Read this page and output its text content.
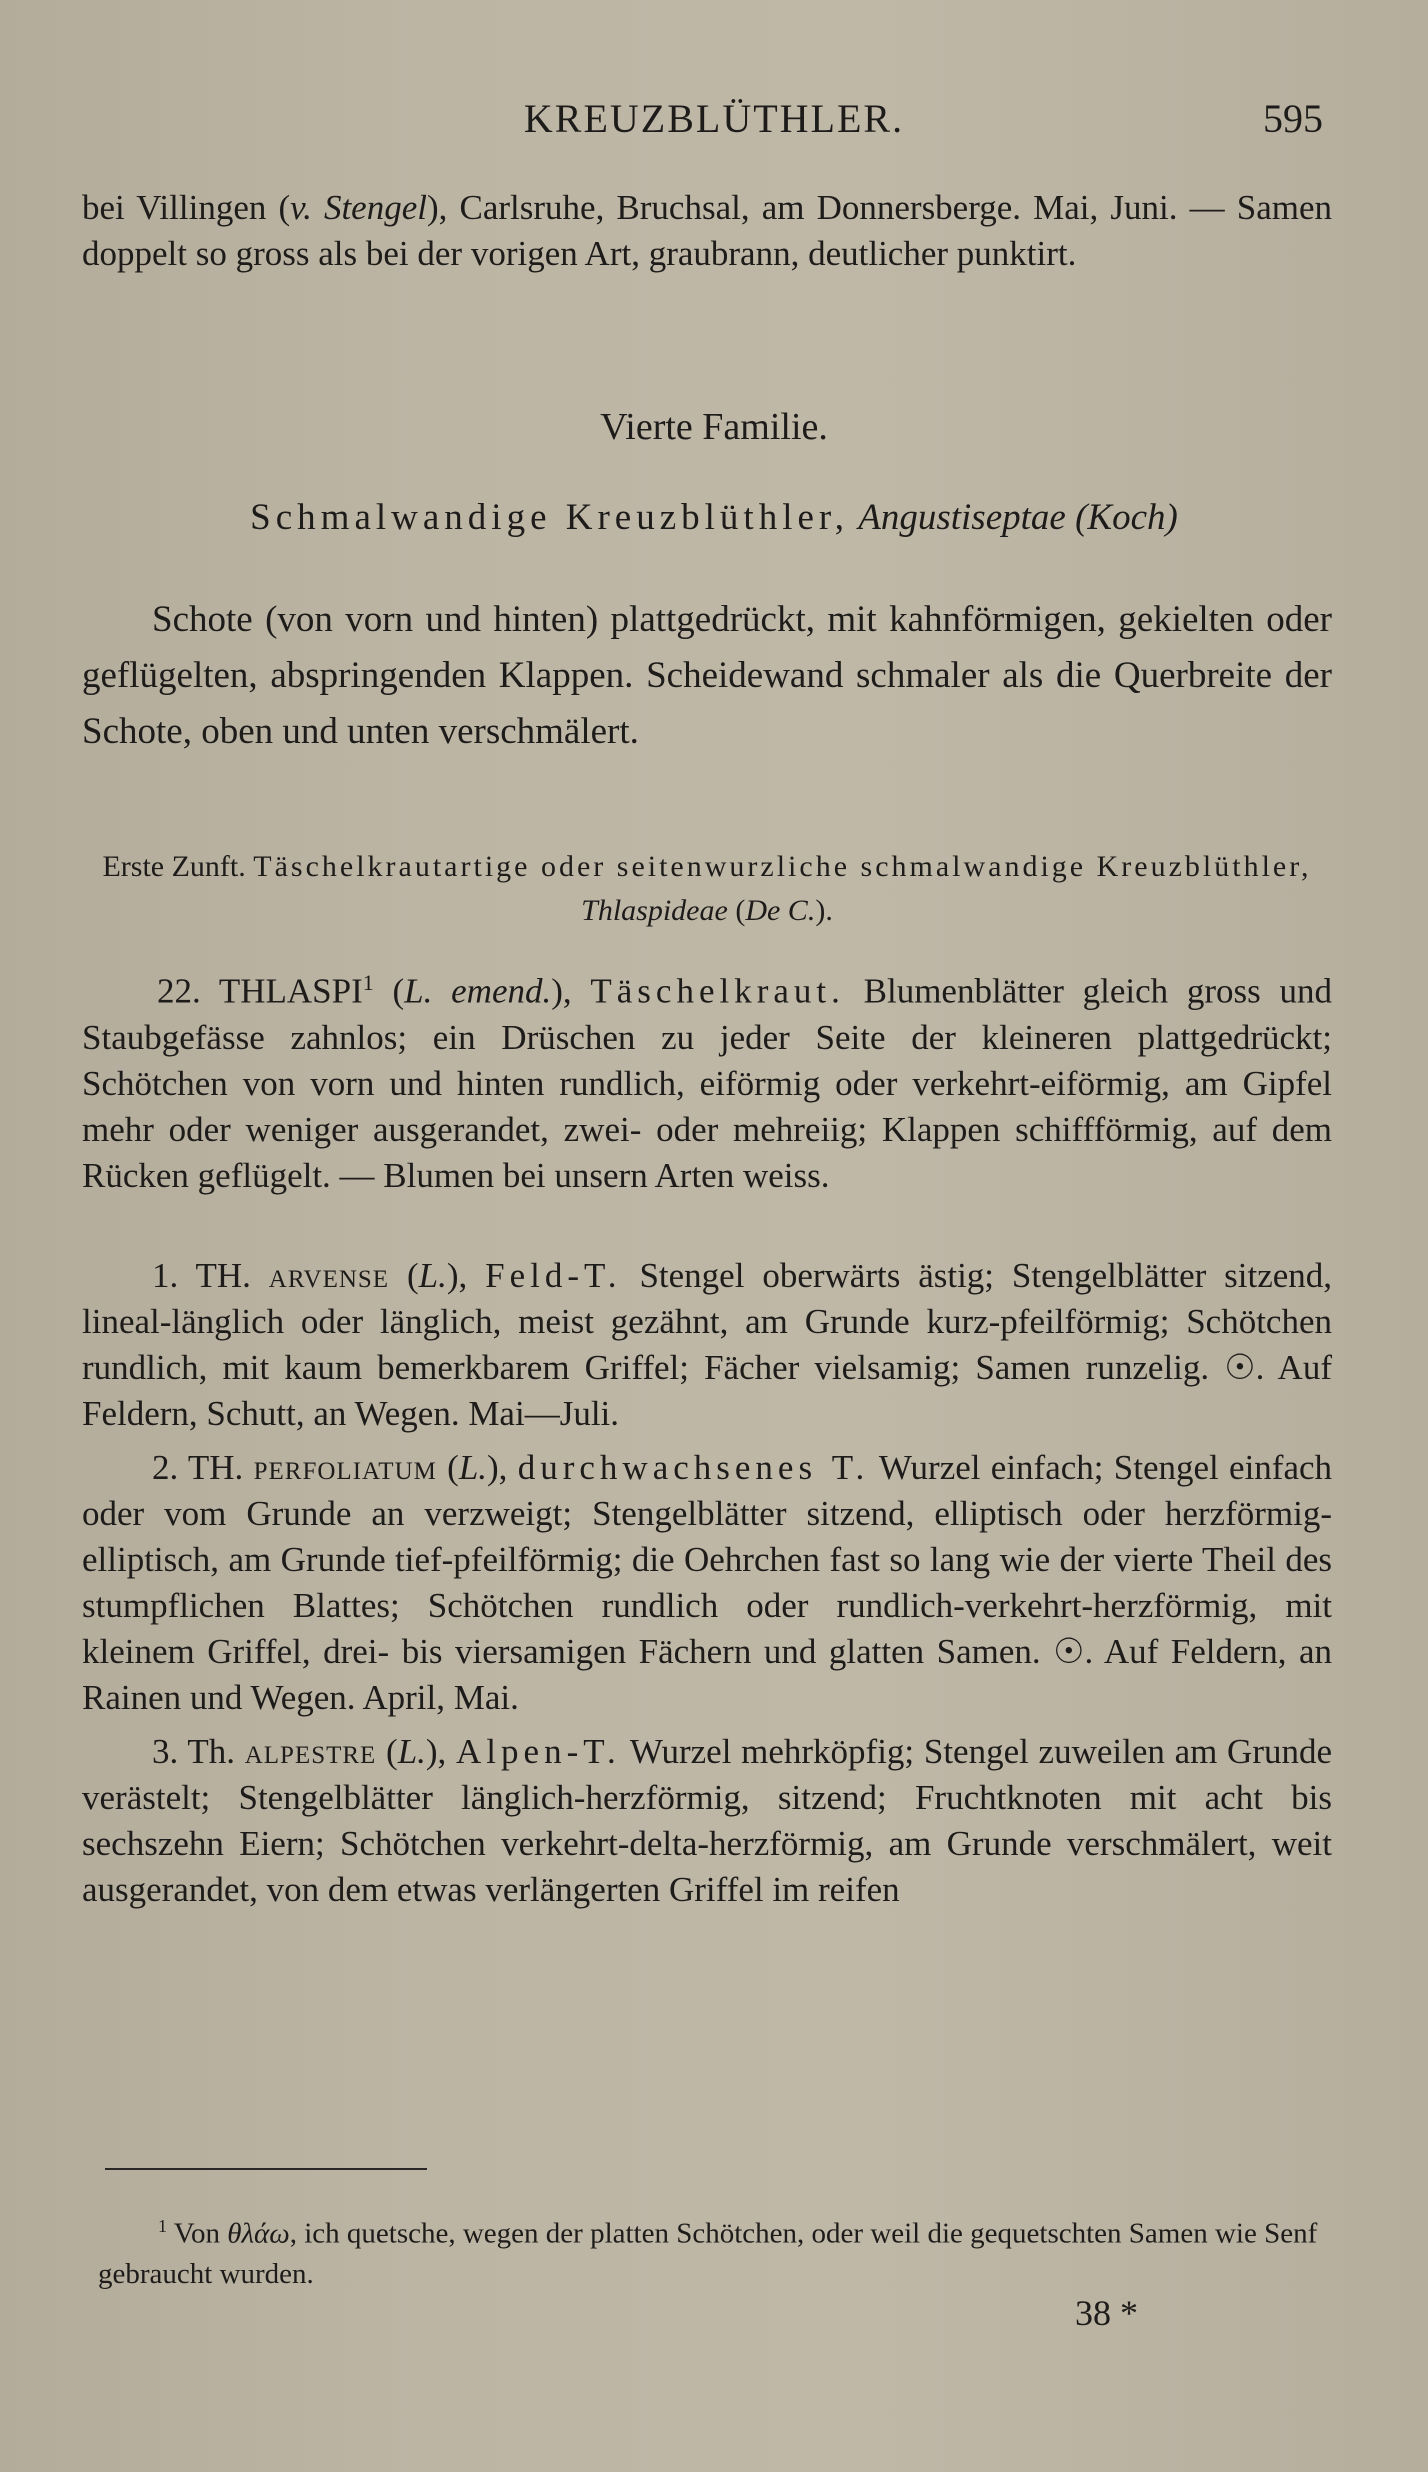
KREUZBLÜTHLER.	595

bei Villingen (v. Stengel), Carlsruhe, Bruchsal, am Donnersberge. Mai, Juni. — Samen doppelt so gross als bei der vorigen Art, graubrann, deutlicher punktirt.

Vierte Familie.
Schmalwandige Kreuzblüthler, Angustiseptae (Koch)

Schote (von vorn und hinten) plattgedrückt, mit kahnförmigen, gekielten oder geflügelten, abspringenden Klappen. Scheidewand schmaler als die Querbreite der Schote, oben und unten verschmälert.

Erste Zunft. Täschelkrautartige oder seitenwurzliche schmalwandige Kreuzblüthler, Thlaspideae (De C.).

22. THLASPI$^1$ (L. emend.), Täschelkraut. Blumenblätter gleich gross und Staubgefässe zahnlos; ein Drüschen zu jeder Seite der kleineren plattgedrückt; Schötchen von vorn und hinten rundlich, eiförmig oder verkehrt-eiförmig, am Gipfel mehr oder weniger ausgerandet, zwei- oder mehreiig; Klappen schiffförmig, auf dem Rücken geflügelt. — Blumen bei unsern Arten weiss.

1. TH. arvense (L.), Feld-T. Stengel oberwärts ästig; Stengelblätter sitzend, lineal-länglich oder länglich, meist gezähnt, am Grunde kurz-pfeilförmig; Schötchen rundlich, mit kaum bemerkbarem Griffel; Fächer vielsamig; Samen runzelig. ☉. Auf Feldern, Schutt, an Wegen. Mai—Juli.

2. TH. perfoliatum (L.), durchwachsenes T. Wurzel einfach; Stengel einfach oder vom Grunde an verzweigt; Stengelblätter sitzend, elliptisch oder herzförmig-elliptisch, am Grunde tief-pfeilförmig; die Oehrchen fast so lang wie der vierte Theil des stumpflichen Blattes; Schötchen rundlich oder rundlich-verkehrt-herzförmig, mit kleinem Griffel, drei- bis viersamigen Fächern und glatten Samen. ☉. Auf Feldern, an Rainen und Wegen. April, Mai.

3. Th. alpestre (L.), Alpen-T. Wurzel mehrköpfig; Stengel zuweilen am Grunde verästelt; Stengelblätter länglich-herzförmig, sitzend; Fruchtknoten mit acht bis sechszehn Eiern; Schötchen verkehrt-delta-herzförmig, am Grunde verschmälert, weit ausgerandet, von dem etwas verlängerten Griffel im reifen

$^1$ Von θλάω, ich quetsche, wegen der platten Schötchen, oder weil die gequetschten Samen wie Senf gebraucht wurden.

38 *
